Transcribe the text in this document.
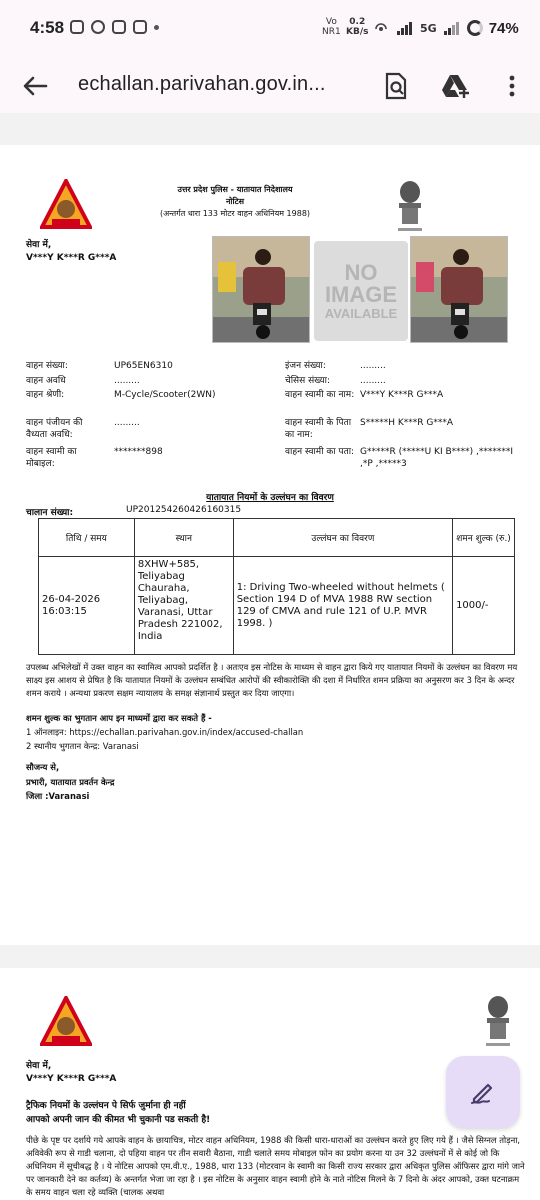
4:58	Vo
NR1
0.2
KB/s	5G	74%
echallan.parivahan.gov.in...
उत्तर प्रदेश पुलिस - यातायात निदेशालय
नोटिस
(अन्तर्गत धारा 133 मोटर वाहन अधिनियम 1988)
सेवा में,
V***Y K***R G***A
NO
IMAGE
AVAILABLE
वाहन संख्या:	UP65EN6310
वाहन अवधि	.........
वाहन श्रेणी:	M-Cycle/Scooter(2WN)
वाहन पंजीयन की वैध्यता अवधि:
.........
वाहन स्वामी का मोबाइल:
*******898
इंजन संख्या:	.........
चेसिस संख्या:	.........
वाहन स्वामी का नाम: V***Y K***R G***A
वाहन स्वामी के पिता का नाम:
S*****H K***R G***A
वाहन स्वामी का पता: G*****R (*****U KI B****) ,*******I ,*P ,*****3
यातायात नियमों के उल्लंघन का विवरण
चालान संख्या:	UP201254260426160315
तिथि / समय	स्थान	उल्लंघन का विवरण	शमन शुल्क (रु.)
26-04-2026 16:03:15	8XHW+585, Teliyabag Chauraha, Teliyabag, Varanasi, Uttar Pradesh 221002, India	1: Driving Two-wheeled without helmets ( Section 194 D of MVA 1988 RW section 129 of CMVA and rule 121 of U.P. MVR 1998. )	1000/-
उपलब्ध अभिलेखों में उक्त वाहन का स्वामित्व आपको प्रदर्शित है । अतःएव इस नोटिस के माध्यम से वाहन द्वारा किये गए यातायात नियमों के उल्लंघन का विवरण मय साक्ष्य इस आशय से प्रेषित है कि यातायात नियमों के उल्लंघन सम्बंधित आरोपों की स्वीकारोक्ति की दशा में निर्धारित शमन प्रक्रिया का अनुसरण कर 3 दिन के अन्दर शमन कराये । अन्यथा प्रकरण सक्षम न्यायालय के समक्ष संज्ञानार्थ प्रस्तुत कर दिया जाएगा।
शमन शुल्क का भुगतान आप इन माध्यमों द्वारा कर सकते हैं -
1 ऑनलाइन: https://echallan.parivahan.gov.in/index/accused-challan
2 स्थानीय भुगतान केन्द्र: Varanasi
सौजन्य से,
प्रभारी, यातायात प्रवर्तन केन्द्र
जिला :Varanasi
सेवा में,
V***Y K***R G***A
ट्रैफिक नियमों के उल्लंघन पे सिर्फ जुर्माना ही नहीं
आपको अपनी जान की कीमत भी चुकानी पड सकती है!
पीछे के पृष्ट पर दर्शाये गये आपके वाहन के छायाचित्र, मोटर वाहन अधिनियम, 1988 की किसी धारा-धाराओं का उल्लंघन करते हुए लिए गये हैं । जैसे सिग्नल तोड़ना, अविवेकी रूप से गाडी चलाना, दो पहिया वाहन पर तीन सवारी बैठाना, गाडी चलाते समय मोबाइल फोन का प्रयोग करना या उन 32 उल्लंघनों में से कोई जो कि अधिनियम में सूचीबद्ध है । ये नोटिस आपको एम.वी.ए., 1988, धारा 133 (मोटरवान के स्वामी का किसी राज्य सरकार द्वारा अधिकृत पुलिस ऑफिसर द्वारा मांगे जाने पर जानकारी देने का कर्तव्य) के अन्तर्गत भेजा जा रहा है । इस नोटिस के अनुसार वाहन स्वामी होने के नाते नोटिस मिलने के 7 दिनो के अंदर आपको, उक्त घटनाक्रम के समय वाहन चला रहे व्यक्ति (चालक अथवा
